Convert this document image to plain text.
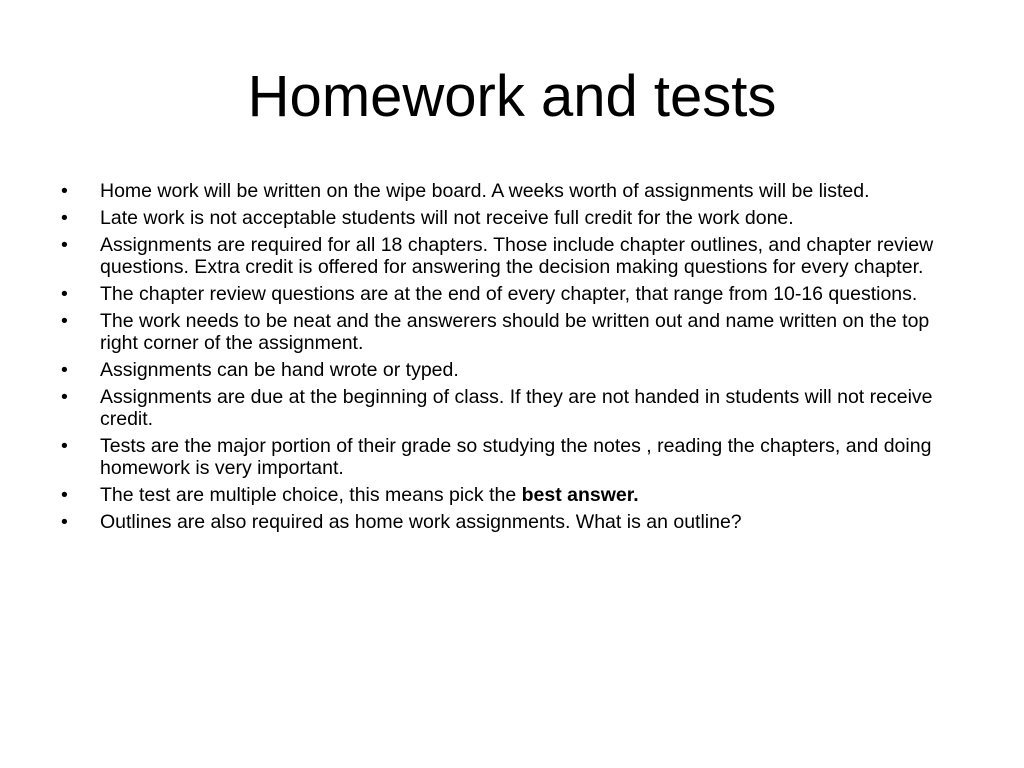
Homework and tests
• Home work will be written on the wipe board. A weeks worth of assignments will be listed.
• Late work is not acceptable students will not receive full credit for the work done.
• Assignments are required for all 18 chapters. Those include chapter outlines, and chapter review questions. Extra credit is offered for answering the decision making questions for every chapter.
• The chapter review questions are at the end of every chapter, that range from 10-16 questions.
• The work needs to be neat and the answerers should be written out and name written on the top right corner of the assignment.
• Assignments can be hand wrote or typed.
• Assignments are due at the beginning of class. If they are not handed in students will not receive credit.
• Tests are the major portion of their grade so studying the notes , reading the chapters, and doing homework is very important.
• The test are multiple choice, this means pick the best answer.
• Outlines are also required as home work assignments. What is an outline?
